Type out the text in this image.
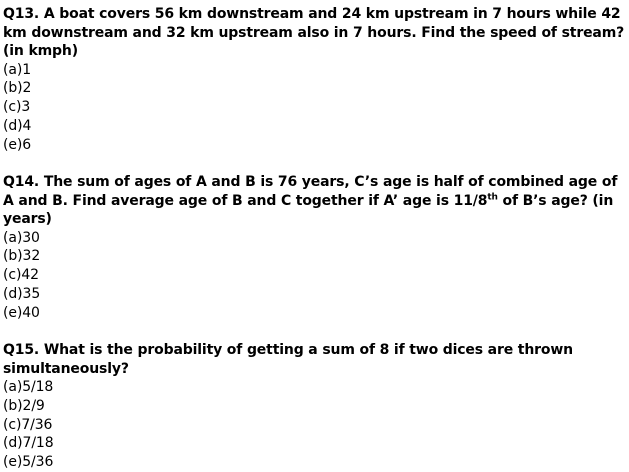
Q13. A boat covers 56 km downstream and 24 km upstream in 7 hours while 42 km downstream and 32 km upstream also in 7 hours. Find the speed of stream? (in kmph)
(a)1
(b)2
(c)3
(d)4
(e)6
Q14. The sum of ages of A and B is 76 years, C’s age is half of combined age of A and B. Find average age of B and C together if A’ age is 11/8th of B’s age? (in years)
(a)30
(b)32
(c)42
(d)35
(e)40
Q15. What is the probability of getting a sum of 8 if two dices are thrown simultaneously?
(a)5/18
(b)2/9
(c)7/36
(d)7/18
(e)5/36
